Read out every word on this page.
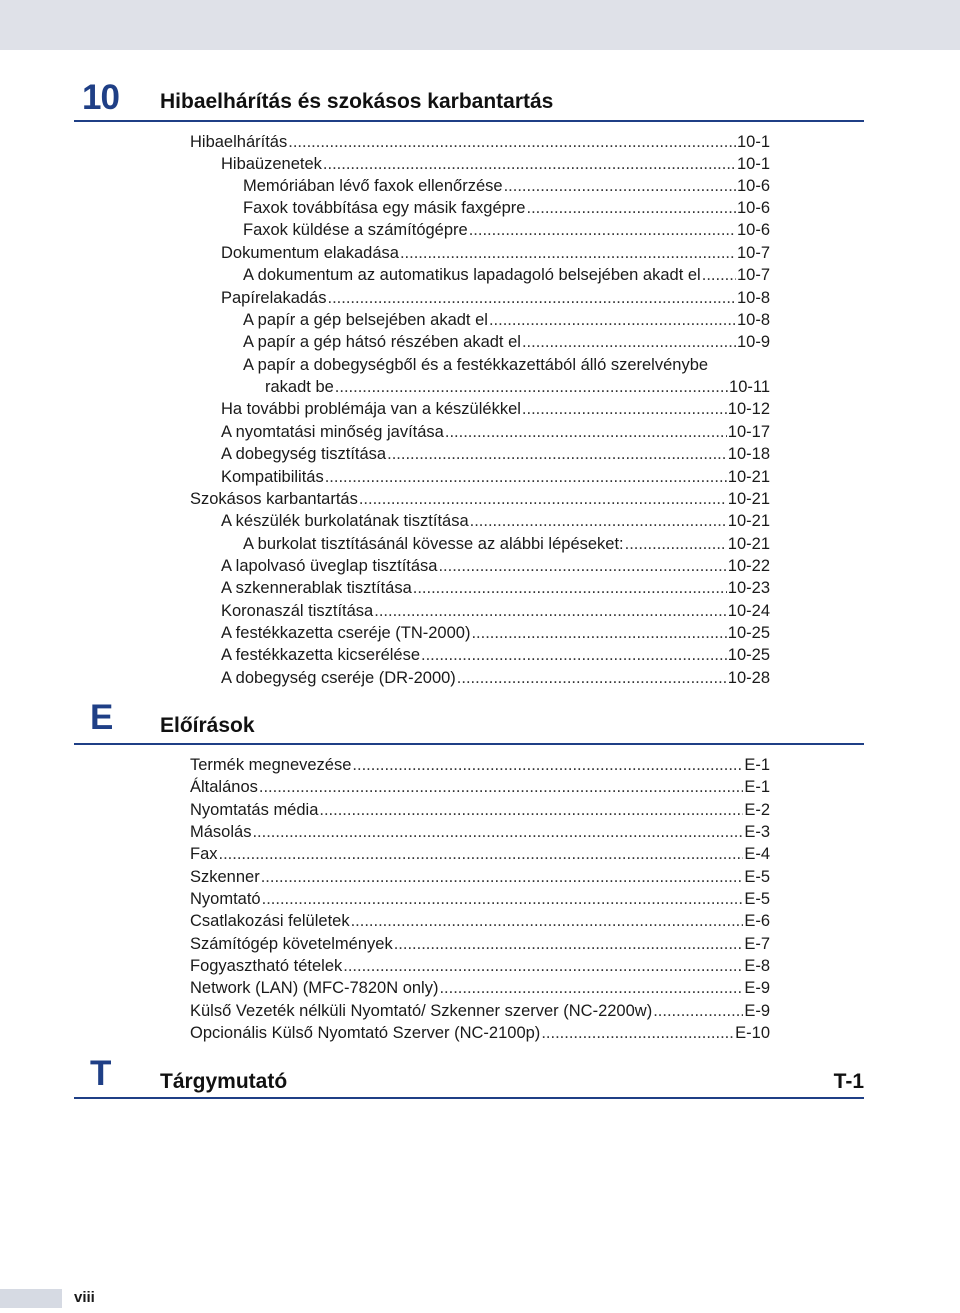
10 Hibaelhárítás és szokásos karbantartás
Hibaelhárítás .....	10-1
Hibaüzenetek .....	10-1
Memóriában lévő faxok ellenőrzése .....	10-6
Faxok továbbítása egy másik faxgépre .....	10-6
Faxok küldése a számítógépre .....	10-6
Dokumentum elakadása .....	10-7
A dokumentum az automatikus lapadagoló belsejében akadt el ..... 10-7
Papírelakadás .....	10-8
A papír a gép belsejében akadt el .....	10-8
A papír a gép hátsó részében akadt el .....	10-9
A papír a dobegységből és a festékkazettából álló szerelvénybe
rakadt be .....	10-11
Ha további problémája van a készülékkel .....	10-12
A nyomtatási minőség javítása .....	10-17
A dobegység tisztítása .....	10-18
Kompatibilitás .....	10-21
Szokásos karbantartás .....	10-21
A készülék burkolatának tisztítása .....	10-21
A burkolat tisztításánál kövesse az alábbi lépéseket: .....	10-21
A lapolvasó üveglap tisztítása .....	10-22
A szkennerablak tisztítása .....	10-23
Koronaszál tisztítása .....	10-24
A festékkazetta cseréje (TN-2000) .....	10-25
A festékkazetta kicserélése .....	10-25
A dobegység cseréje (DR-2000) .....	10-28
E Előírások
Termék megnevezése .....	E-1
Általános .....	E-1
Nyomtatás média .....	E-2
Másolás .....	E-3
Fax .....	E-4
Szkenner .....	E-5
Nyomtató .....	E-5
Csatlakozási felületek .....	E-6
Számítógép követelmények .....	E-7
Fogyasztható tételek .....	E-8
Network (LAN) (MFC-7820N only) .....	E-9
Külső Vezeték nélküli Nyomtató/ Szkenner szerver (NC-2200w) .....	E-9
Opcionális Külső Nyomtató Szerver (NC-2100p) .....	E-10
T Tárgymutató	T-1
viii
